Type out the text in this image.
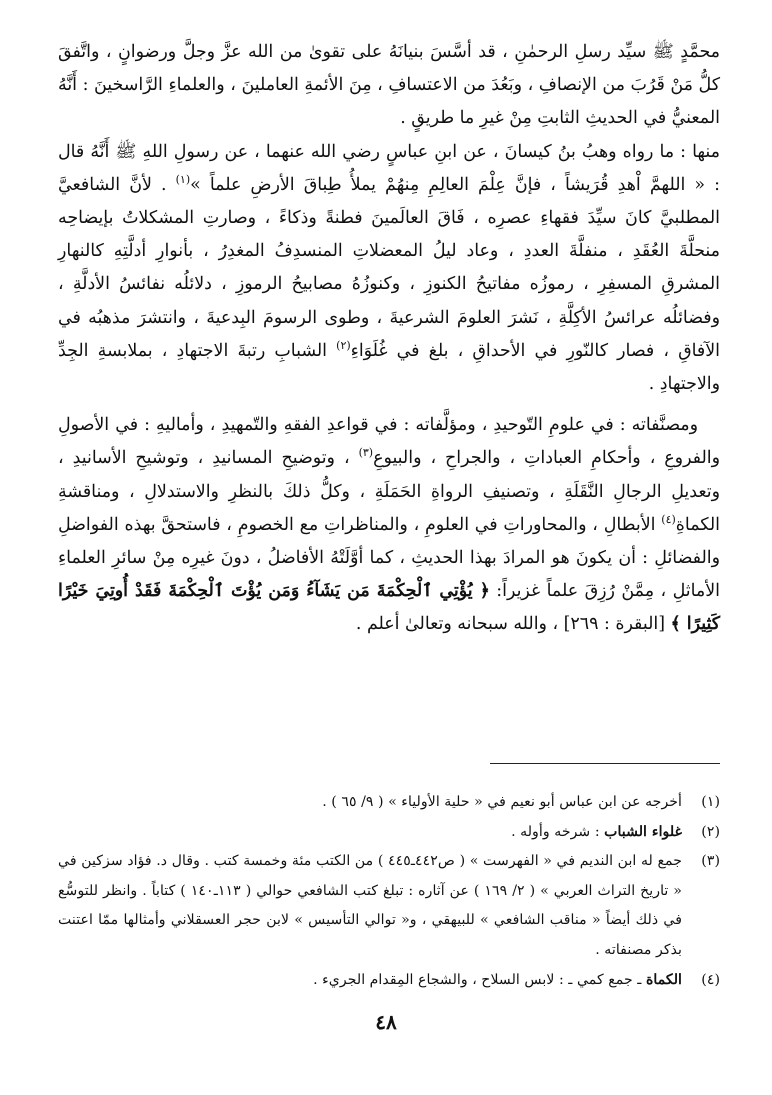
محمَّدٍ ﷺ سيِّد رسلِ الرحمٰنِ ، قد أسَّسَ بنيانَهُ على تقوىٰ من الله عزَّ وجلَّ ورضوانٍ ، واتَّفقَ كلُّ مَنْ قَرُبَ من الإنصافِ ، وبَعُدَ من الاعتسافِ ، مِنَ الأئمةِ العاملينَ ، والعلماءِ الرَّاسخينَ : أَنَّهُ المعنيُّ في الحديثِ الثابتِ مِنْ غيرِ ما طريقٍ .

منها : ما رواه وهبُ بنُ كيسانَ ، عن ابنِ عباسٍ رضي الله عنهما ، عن رسولِ اللهِ ﷺ أَنَّهُ قال : « اللهمَّ اْهدِ قُرَيشاً ، فإنَّ عِلْمَ العالِمِ مِنهُمْ يملأُ طِباقَ الأرضِ علماً »$^{(١)}$ . لأنَّ الشافعيَّ المطلبيَّ كانَ سيِّدَ فقهاءِ عصرِه ، فَاقَ العالَمينَ فطنةً وذكاءً ، وصارتِ المشكلاتُ بإيضاحِه منحلَّةَ العُقَدِ ، منفلَّةَ العددِ ، وعاد ليلُ المعضلاتِ المنسدِفُ المغدِرُ ، بأنوارِ أدلَّتِهِ كالنهارِ المشرقِ المسفِرِ ، رموزُه مفاتيحُ الكنوزِ ، وكنوزُهُ مصابيحُ الرموزِ ، دلائلُه نفائسُ الأدلَّةِ ، وفضائلُه عرائسُ الأكِلَّةِ ، نَشرَ العلومَ الشرعيةَ ، وطوى الرسومَ البِدعيةَ ، وانتشرَ مذهبُه في الآفاقِ ، فصار كالنّورِ في الأحداقِ ، بلغ في غُلَوَاءِ$^{(٢)}$ الشبابِ رتبةَ الاجتهادِ ، بملابسةِ الجِدِّ والاجتهادِ .

ومصنَّفاته : في علومِ التّوحيدِ ، ومؤلَّفاته : في قواعدِ الفقهِ والتّمهيدِ ، وأماليهِ : في الأصولِ والفروعِ ، وأحكامِ العباداتِ ، والجراحِ ، والبيوعِ$^{(٣)}$ ، وتوضيحِ المسانيدِ ، وتوشيحِ الأسانيدِ ، وتعديلِ الرجالِ النَّقَلَةِ ، وتصنيفِ الرواةِ الحَمَلَةِ ، وكلُّ ذلكَ بالنظرِ والاستدلالِ ، ومناقشةِ الكماةِ$^{(٤)}$ الأبطالِ ، والمحاوراتِ في العلومِ ، والمناظراتِ مع الخصومِ ، فاستحقَّ بهذه الفواضلِ والفضائلِ : أن يكونَ هو المرادَ بهذا الحديثِ ، كما أوَّلَتْهُ الأفاضلُ ، دونَ غيرِه مِنْ سائرِ العلماءِ الأماثلِ ، مِمَّنْ رُزِقَ علماً غزيراً: ﴿ يُؤْتِي ٱلْحِكْمَةَ مَن يَشَآءُ وَمَن يُؤْتَ ٱلْحِكْمَةَ فَقَدْ أُوتِيَ خَيْرًا كَثِيرًا ﴾ [البقرة : ٢٦٩] ، والله سبحانه وتعالىٰ أعلم .

(١)
أخرجه عن ابن عباس أبو نعيم في « حلية الأولياء » ( ٩/ ٦٥ ) .
(٢)
غلواء الشباب : شرخه وأوله .
(٣)
جمع له ابن النديم في « الفهرست » ( ص٤٤٢ـ٤٤٥ ) من الكتب مئة وخمسة كتب . وقال د. فؤاد سزكين في « تاريخ التراث العربي » ( ٢/ ١٦٩ ) عن آثاره : تبلغ كتب الشافعي حوالي ( ١١٣ـ١٤٠ ) كتاباً . وانظر للتوسُّع في ذلك أيضاً « مناقب الشافعي » للبيهقي ، و« توالي التأسيس » لابن حجر العسقلاني وأمثالها ممّا اعتنت بذكر مصنفاته .
(٤)
الكماة ـ جمع كمي ـ : لابس السلاح ، والشجاع المِقدام الجريء .
٤٨
